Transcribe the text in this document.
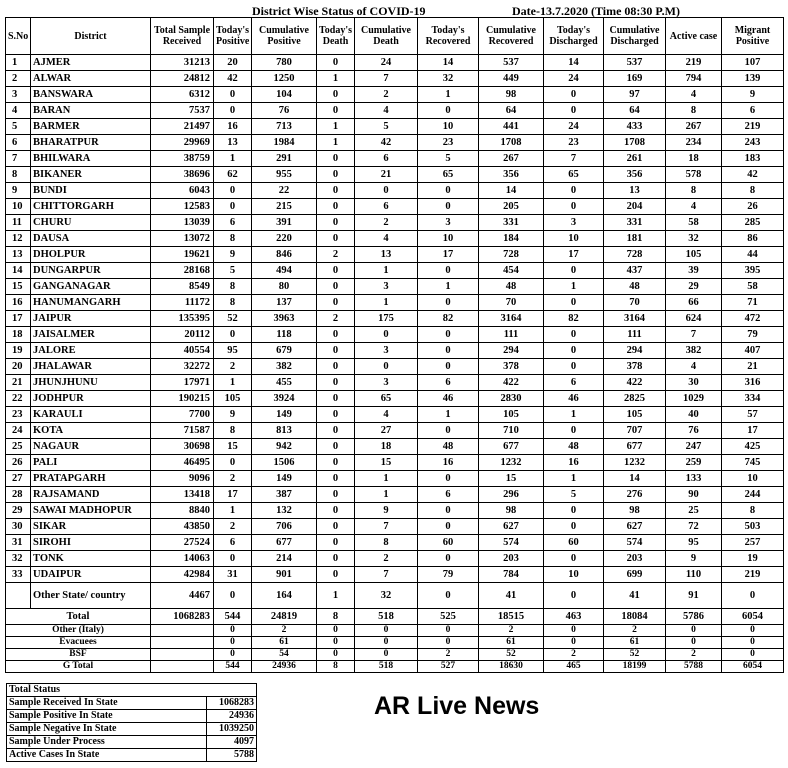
District Wise Status of COVID-19	Date-13.7.2020 (Time 08:30 P.M)
S.No	District	Total Sample Received	Today's Positive	Cumulative Positive	Today's Death	Cumulative Death	Today's Recovered	Cumulative Recovered	Today's Discharged	Cumulative Discharged	Active case	Migrant Positive
1	AJMER	31213	20	780	0	24	14	537	14	537	219	107
2	ALWAR	24812	42	1250	1	7	32	449	24	169	794	139
3	BANSWARA	6312	0	104	0	2	1	98	0	97	4	9
4	BARAN	7537	0	76	0	4	0	64	0	64	8	6
5	BARMER	21497	16	713	1	5	10	441	24	433	267	219
6	BHARATPUR	29969	13	1984	1	42	23	1708	23	1708	234	243
7	BHILWARA	38759	1	291	0	6	5	267	7	261	18	183
8	BIKANER	38696	62	955	0	21	65	356	65	356	578	42
9	BUNDI	6043	0	22	0	0	0	14	0	13	8	8
10	CHITTORGARH	12583	0	215	0	6	0	205	0	204	4	26
11	CHURU	13039	6	391	0	2	3	331	3	331	58	285
12	DAUSA	13072	8	220	0	4	10	184	10	181	32	86
13	DHOLPUR	19621	9	846	2	13	17	728	17	728	105	44
14	DUNGARPUR	28168	5	494	0	1	0	454	0	437	39	395
15	GANGANAGAR	8549	8	80	0	3	1	48	1	48	29	58
16	HANUMANGARH	11172	8	137	0	1	0	70	0	70	66	71
17	JAIPUR	135395	52	3963	2	175	82	3164	82	3164	624	472
18	JAISALMER	20112	0	118	0	0	0	111	0	111	7	79
19	JALORE	40554	95	679	0	3	0	294	0	294	382	407
20	JHALAWAR	32272	2	382	0	0	0	378	0	378	4	21
21	JHUNJHUNU	17971	1	455	0	3	6	422	6	422	30	316
22	JODHPUR	190215	105	3924	0	65	46	2830	46	2825	1029	334
23	KARAULI	7700	9	149	0	4	1	105	1	105	40	57
24	KOTA	71587	8	813	0	27	0	710	0	707	76	17
25	NAGAUR	30698	15	942	0	18	48	677	48	677	247	425
26	PALI	46495	0	1506	0	15	16	1232	16	1232	259	745
27	PRATAPGARH	9096	2	149	0	1	0	15	1	14	133	10
28	RAJSAMAND	13418	17	387	0	1	6	296	5	276	90	244
29	SAWAI MADHOPUR	8840	1	132	0	9	0	98	0	98	25	8
30	SIKAR	43850	2	706	0	7	0	627	0	627	72	503
31	SIROHI	27524	6	677	0	8	60	574	60	574	95	257
32	TONK	14063	0	214	0	2	0	203	0	203	9	19
33	UDAIPUR	42984	31	901	0	7	79	784	10	699	110	219
	Other State/ country	4467	0	164	1	32	0	41	0	41	91	0
Total		1068283	544	24819	8	518	525	18515	463	18084	5786	6054
Other (Italy)			0	2	0	0	0	2	0	2	0	0
Evacuees			0	61	0	0	0	61	0	61	0	0
BSF			0	54	0	0	2	52	2	52	2	0
G Total			544	24936	8	518	527	18630	465	18199	5788	6054
Total Status	
Sample Received In State	1068283
Sample Positive In State	24936
Sample Negative In State	1039250
Sample Under Process	4097
Active Cases In State	5788
AR Live News
